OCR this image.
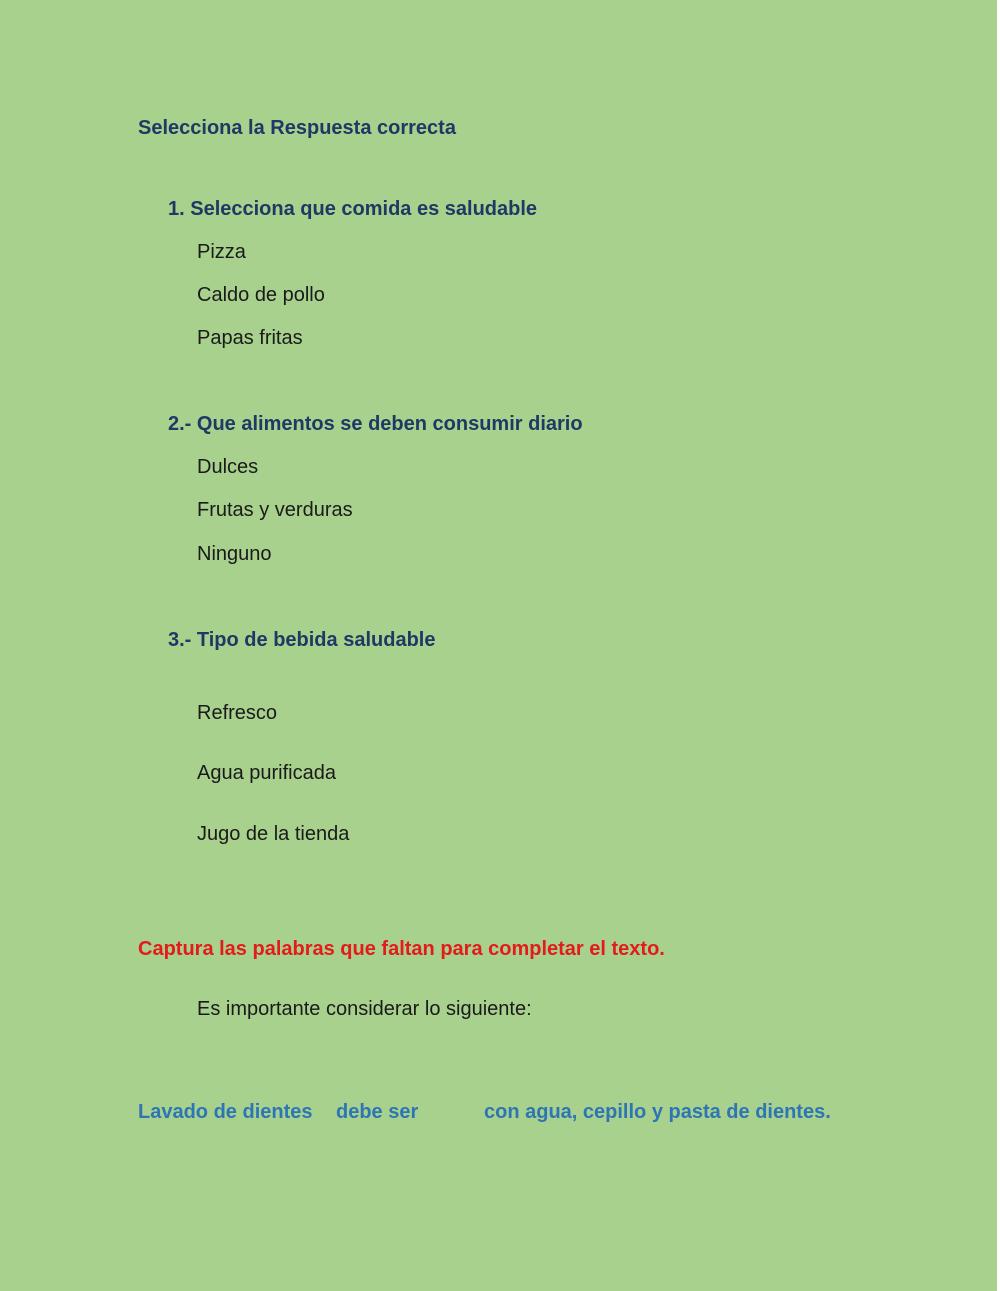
Selecciona la Respuesta correcta
1. Selecciona que comida es saludable
Pizza
Caldo de pollo
Papas fritas
2.- Que alimentos se deben consumir diario
Dulces
Frutas y verduras
Ninguno
3.- Tipo de bebida saludable
Refresco
Agua purificada
Jugo de la tienda
Captura las palabras que faltan para completar el texto.
Es importante considerar lo siguiente:
Lavado de dientes debe ser	con agua, cepillo y pasta de dientes.
